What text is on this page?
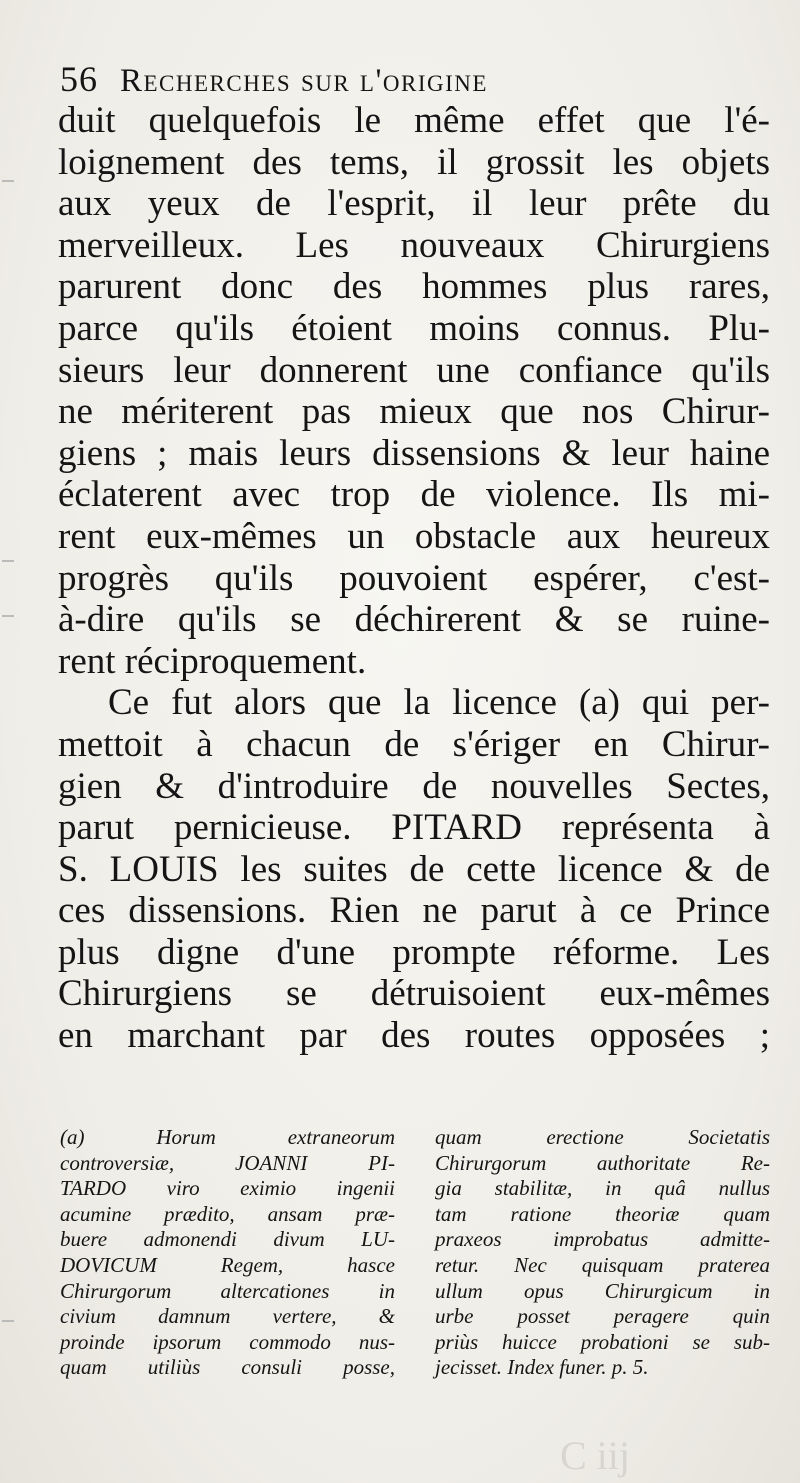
56 Recherches sur l'origine
duit quelquefois le même effet que l'é-
loignement des tems, il grossit les objets
aux yeux de l'esprit, il leur prête du
merveilleux. Les nouveaux Chirurgiens
parurent donc des hommes plus rares,
parce qu'ils étoient moins connus. Plu-
sieurs leur donnerent une confiance qu'ils
ne mériterent pas mieux que nos Chirur-
giens ; mais leurs dissensions & leur haine
éclaterent avec trop de violence. Ils mi-
rent eux-mêmes un obstacle aux heureux
progrès qu'ils pouvoient espérer, c'est-
à-dire qu'ils se déchirerent & se ruine-
rent réciproquement.
Ce fut alors que la licence (a) qui per-
mettoit à chacun de s'ériger en Chirur-
gien & d'introduire de nouvelles Sectes,
parut pernicieuse. PITARD représenta à
S. LOUIS les suites de cette licence & de
ces dissensions. Rien ne parut à ce Prince
plus digne d'une prompte réforme. Les
Chirurgiens se détruisoient eux-mêmes
en marchant par des routes opposées ;
(a) Horum extraneorum
controversiæ, JOANNI PI-
TARDO viro eximio ingenii
acumine prædito, ansam præ-
buere admonendi divum LU-
DOVICUM Regem, hasce
Chirurgorum altercationes in
civium damnum vertere, &
proinde ipsorum commodo nus-
quam utiliùs consuli posse,
quam erectione Societatis
Chirurgorum authoritate Re-
gia stabilitæ, in quâ nullus
tam ratione theoriæ quam
praxeos improbatus admitte-
retur. Nec quisquam praterea
ullum opus Chirurgicum in
urbe posset peragere quin
priùs huicce probationi se sub-
jecisset. Index funer. p. 5.
C iij
